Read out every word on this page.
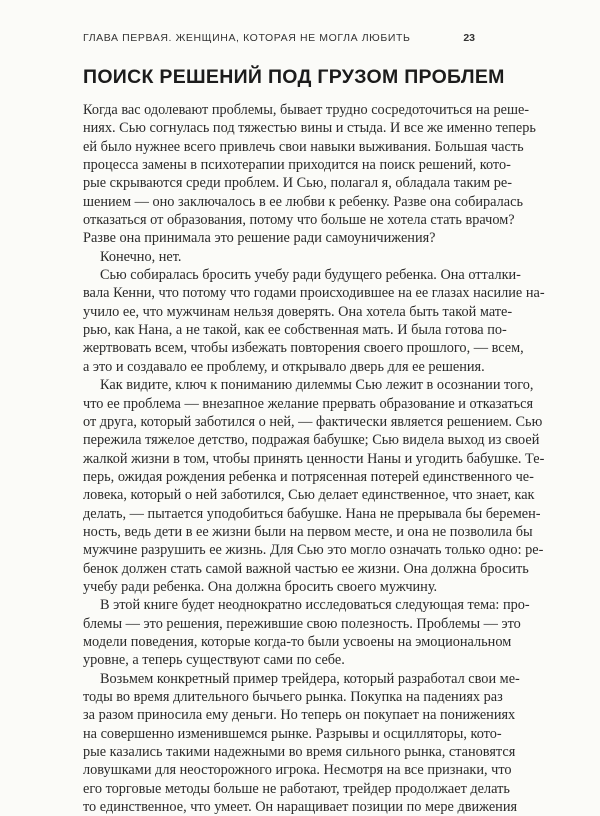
ГЛАВА ПЕРВАЯ. ЖЕНЩИНА, КОТОРАЯ НЕ МОГЛА ЛЮБИТЬ	23
ПОИСК РЕШЕНИЙ ПОД ГРУЗОМ ПРОБЛЕМ
Когда вас одолевают проблемы, бывает трудно сосредоточиться на реше-
ниях. Сью согнулась под тяжестью вины и стыда. И все же именно теперь
ей было нужнее всего привлечь свои навыки выживания. Большая часть
процесса замены в психотерапии приходится на поиск решений, кото-
рые скрываются среди проблем. И Сью, полагал я, обладала таким ре-
шением — оно заключалось в ее любви к ребенку. Разве она собиралась
отказаться от образования, потому что больше не хотела стать врачом?
Разве она принимала это решение ради самоуничижения?
Конечно, нет.
Сью собиралась бросить учебу ради будущего ребенка. Она отталки-
вала Кенни, что потому что годами происходившее на ее глазах насилие на-
учило ее, что мужчинам нельзя доверять. Она хотела быть такой мате-
рью, как Нана, а не такой, как ее собственная мать. И была готова по-
жертвовать всем, чтобы избежать повторения своего прошлого, — всем,
а это и создавало ее проблему, и открывало дверь для ее решения.
Как видите, ключ к пониманию дилеммы Сью лежит в осознании того,
что ее проблема — внезапное желание прервать образование и отказаться
от друга, который заботился о ней, — фактически является решением. Сью
пережила тяжелое детство, подражая бабушке; Сью видела выход из своей
жалкой жизни в том, чтобы принять ценности Наны и угодить бабушке. Те-
перь, ожидая рождения ребенка и потрясенная потерей единственного че-
ловека, который о ней заботился, Сью делает единственное, что знает, как
делать, — пытается уподобиться бабушке. Нана не прерывала бы беремен-
ность, ведь дети в ее жизни были на первом месте, и она не позволила бы
мужчине разрушить ее жизнь. Для Сью это могло означать только одно: ре-
бенок должен стать самой важной частью ее жизни. Она должна бросить
учебу ради ребенка. Она должна бросить своего мужчину.
В этой книге будет неоднократно исследоваться следующая тема: про-
блемы — это решения, пережившие свою полезность. Проблемы — это
модели поведения, которые когда-то были усвоены на эмоциональном
уровне, а теперь существуют сами по себе.
Возьмем конкретный пример трейдера, который разработал свои ме-
тоды во время длительного бычьего рынка. Покупка на падениях раз
за разом приносила ему деньги. Но теперь он покупает на понижениях
на совершенно изменившемся рынке. Разрывы и осцилляторы, кото-
рые казались такими надежными во время сильного рынка, становятся
ловушками для неосторожного игрока. Несмотря на все признаки, что
его торговые методы больше не работают, трейдер продолжает делать
то единственное, что умеет. Он наращивает позиции по мере движения
